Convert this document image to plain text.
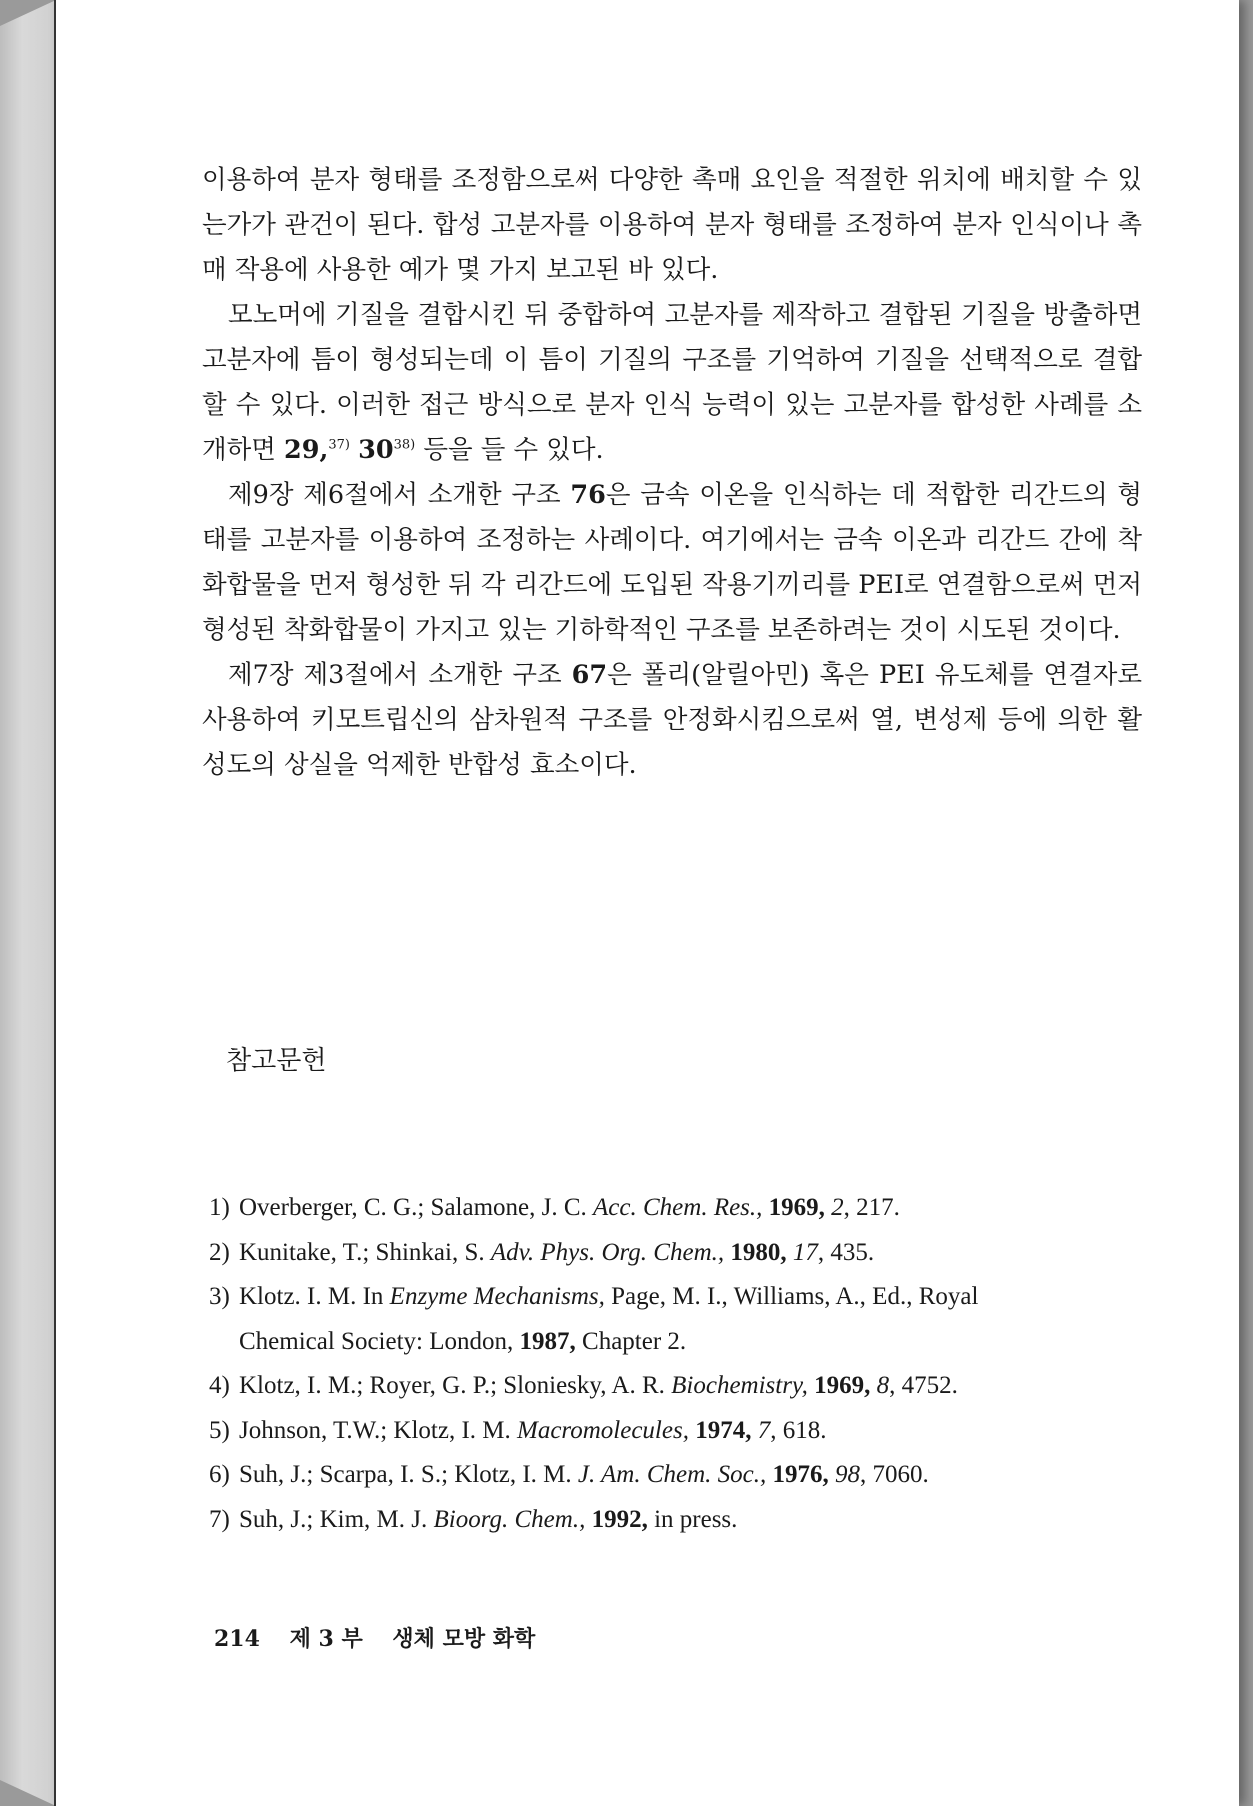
이용하여 분자 형태를 조정함으로써 다양한 촉매 요인을 적절한 위치에 배치할 수 있는가가 관건이 된다. 합성 고분자를 이용하여 분자 형태를 조정하여 분자 인식이나 촉매 작용에 사용한 예가 몇 가지 보고된 바 있다.

모노머에 기질을 결합시킨 뒤 중합하여 고분자를 제작하고 결합된 기질을 방출하면 고분자에 틈이 형성되는데 이 틈이 기질의 구조를 기억하여 기질을 선택적으로 결합할 수 있다. 이러한 접근 방식으로 분자 인식 능력이 있는 고분자를 합성한 사례를 소개하면 29,$^{37)}$ 30$^{38)}$ 등을 들 수 있다.

제9장 제6절에서 소개한 구조 76은 금속 이온을 인식하는 데 적합한 리간드의 형태를 고분자를 이용하여 조정하는 사례이다. 여기에서는 금속 이온과 리간드 간에 착화합물을 먼저 형성한 뒤 각 리간드에 도입된 작용기끼리를 PEI로 연결함으로써 먼저 형성된 착화합물이 가지고 있는 기하학적인 구조를 보존하려는 것이 시도된 것이다.

제7장 제3절에서 소개한 구조 67은 폴리(알릴아민) 혹은 PEI 유도체를 연결자로 사용하여 키모트립신의 삼차원적 구조를 안정화시킴으로써 열, 변성제 등에 의한 활성도의 상실을 억제한 반합성 효소이다.

참고문헌
1) Overberger, C. G.; Salamone, J. C. Acc. Chem. Res., 1969, 2, 217.
2) Kunitake, T.; Shinkai, S. Adv. Phys. Org. Chem., 1980, 17, 435.
3) Klotz. I. M. In Enzyme Mechanisms, Page, M. I., Williams, A., Ed., Royal
Chemical Society: London, 1987, Chapter 2.
4) Klotz, I. M.; Royer, G. P.; Sloniesky, A. R. Biochemistry, 1969, 8, 4752.
5) Johnson, T.W.; Klotz, I. M. Macromolecules, 1974, 7, 618.
6) Suh, J.; Scarpa, I. S.; Klotz, I. M. J. Am. Chem. Soc., 1976, 98, 7060.
7) Suh, J.; Kim, M. J. Bioorg. Chem., 1992, in press.
214 제 3 부 생체 모방 화학
